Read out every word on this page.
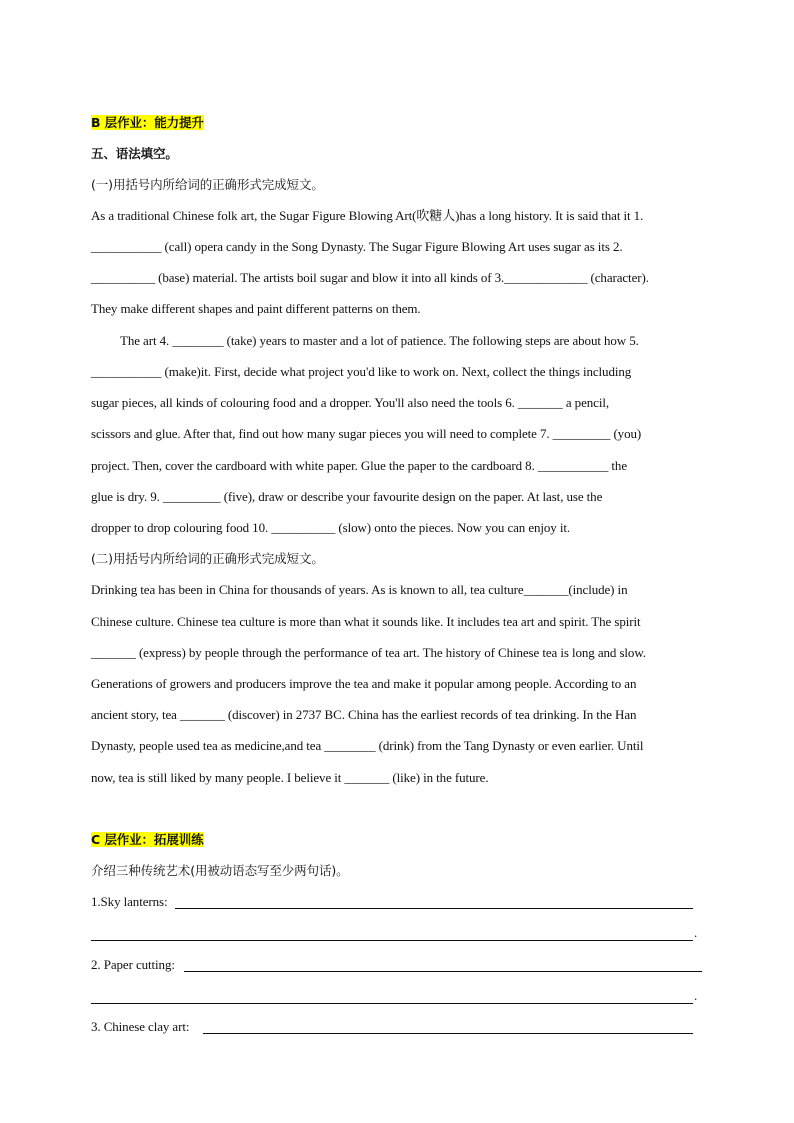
B 层作业：能力提升
五、语法填空。
(一)用括号内所给词的正确形式完成短文。
As a traditional Chinese folk art, the Sugar Figure Blowing Art(吹糖人)has a long history. It is said that it 1.
___________ (call) opera candy in the Song Dynasty. The Sugar Figure Blowing Art uses sugar as its 2.
__________ (base) material. The artists boil sugar and blow it into all kinds of 3._____________ (character).
They make different shapes and paint different patterns on them.
The art 4. ________ (take) years to master and a lot of patience. The following steps are about how 5.
___________ (make)it. First, decide what project you'd like to work on. Next, collect the things including
sugar pieces, all kinds of colouring food and a dropper. You'll also need the tools 6. _______ a pencil,
scissors and glue. After that, find out how many sugar pieces you will need to complete 7. _________ (you)
project. Then, cover the cardboard with white paper. Glue the paper to the cardboard 8. ___________ the
glue is dry. 9. _________ (five), draw or describe your favourite design on the paper. At last, use the
dropper to drop colouring food 10. __________ (slow) onto the pieces. Now you can enjoy it.
(二)用括号内所给词的正确形式完成短文。
Drinking tea has been in China for thousands of years. As is known to all, tea culture_______(include) in
Chinese culture. Chinese tea culture is more than what it sounds like. It includes tea art and spirit. The spirit
_______ (express) by people through the performance of tea art. The history of Chinese tea is long and slow.
Generations of growers and producers improve the tea and make it popular among people. According to an
ancient story, tea _______ (discover) in 2737 BC. China has the earliest records of tea drinking. In the Han
Dynasty, people used tea as medicine,and tea ________ (drink) from the Tang Dynasty or even earlier. Until
now, tea is still liked by many people. I believe it _______ (like) in the future.
C 层作业：拓展训练
介绍三种传统艺术(用被动语态写至少两句话)。
1.Sky lanterns:
.
2. Paper cutting:
.
3. Chinese clay art:
